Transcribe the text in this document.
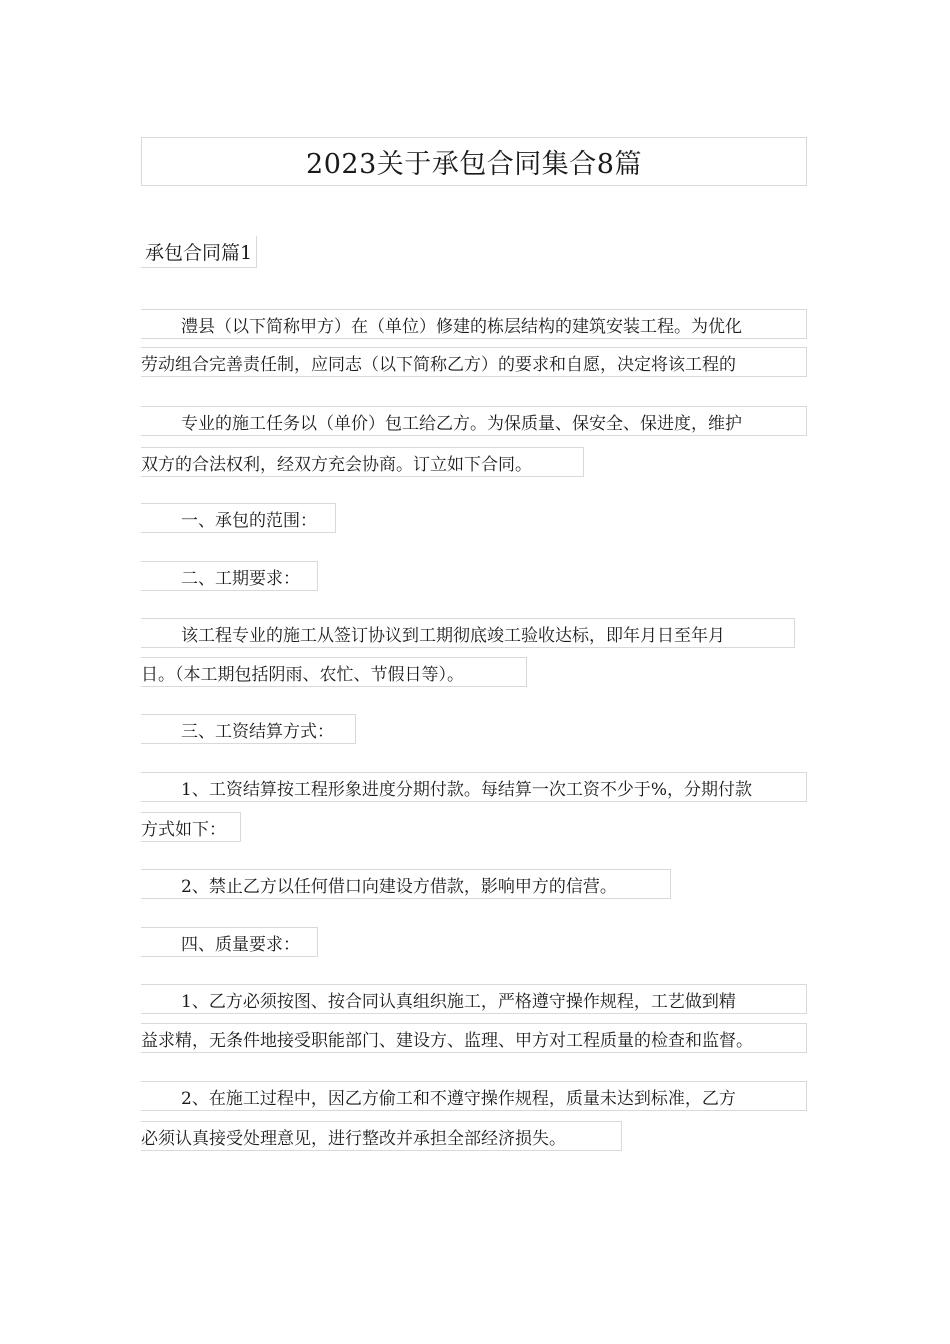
2023关于承包合同集合8篇
承包合同篇1
澧县（以下简称甲方）在（单位）修建的栋层结构的建筑安装工程。为优化
劳动组合完善责任制，应同志（以下简称乙方）的要求和自愿，决定将该工程的
专业的施工任务以（单价）包工给乙方。为保质量、保安全、保进度，维护
双方的合法权利，经双方充会协商。订立如下合同。
一、承包的范围：
二、工期要求：
该工程专业的施工从签订协议到工期彻底竣工验收达标，即年月日至年月
日。（本工期包括阴雨、农忙、节假日等）。
三、工资结算方式：
1、工资结算按工程形象进度分期付款。每结算一次工资不少于%，分期付款
方式如下：
2、禁止乙方以任何借口向建设方借款，影响甲方的信营。
四、质量要求：
1、乙方必须按图、按合同认真组织施工，严格遵守操作规程，工艺做到精
益求精，无条件地接受职能部门、建设方、监理、甲方对工程质量的检查和监督。
2、在施工过程中，因乙方偷工和不遵守操作规程，质量未达到标准，乙方
必须认真接受处理意见，进行整改并承担全部经济损失。
